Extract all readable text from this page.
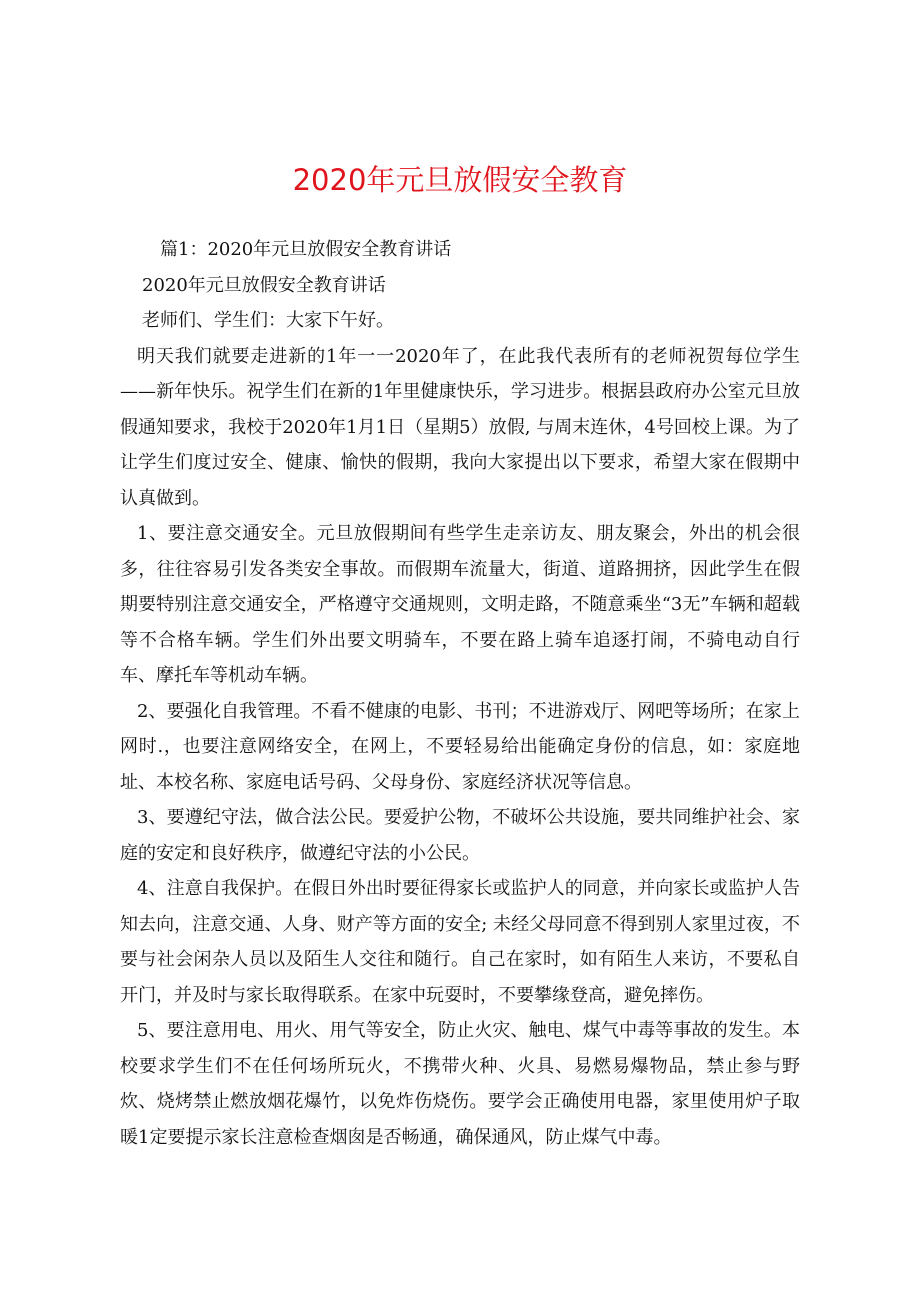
2020年元旦放假安全教育

篇1：2020年元旦放假安全教育讲话

2020年元旦放假安全教育讲话

老师们、学生们：大家下午好。

明天我们就要走进新的1年一一2020年了，在此我代表所有的老师祝贺每位学生——新年快乐。祝学生们在新的1年里健康快乐，学习进步。根据县政府办公室元旦放假通知要求，我校于2020年1月1日（星期5）放假, 与周末连休，4号回校上课。为了让学生们度过安全、健康、愉快的假期，我向大家提出以下要求，希望大家在假期中认真做到。

1、要注意交通安全。元旦放假期间有些学生走亲访友、朋友聚会，外出的机会很多，往往容易引发各类安全事故。而假期车流量大，街道、道路拥挤，因此学生在假期要特别注意交通安全，严格遵守交通规则，文明走路，不随意乘坐“3无”车辆和超载等不合格车辆。学生们外出要文明骑车，不要在路上骑车追逐打闹，不骑电动自行车、摩托车等机动车辆。

2、要强化自我管理。不看不健康的电影、书刊；不进游戏厅、网吧等场所；在家上网时.，也要注意网络安全，在网上，不要轻易给出能确定身份的信息，如：家庭地址、本校名称、家庭电话号码、父母身份、家庭经济状况等信息。

3、要遵纪守法，做合法公民。要爱护公物，不破坏公共设施，要共同维护社会、家庭的安定和良好秩序，做遵纪守法的小公民。

4、注意自我保护。在假日外出时要征得家长或监护人的同意，并向家长或监护人告知去向，注意交通、人身、财产等方面的安全; 未经父母同意不得到别人家里过夜，不要与社会闲杂人员以及陌生人交往和随行。自己在家时，如有陌生人来访，不要私自开门，并及时与家长取得联系。在家中玩耍时，不要攀缘登高，避免摔伤。

5、要注意用电、用火、用气等安全，防止火灾、触电、煤气中毒等事故的发生。本校要求学生们不在任何场所玩火，不携带火种、火具、易燃易爆物品，禁止参与野炊、烧烤禁止燃放烟花爆竹，以免炸伤烧伤。要学会正确使用电器，家里使用炉子取暖1定要提示家长注意检查烟囱是否畅通，确保通风，防止煤气中毒。
